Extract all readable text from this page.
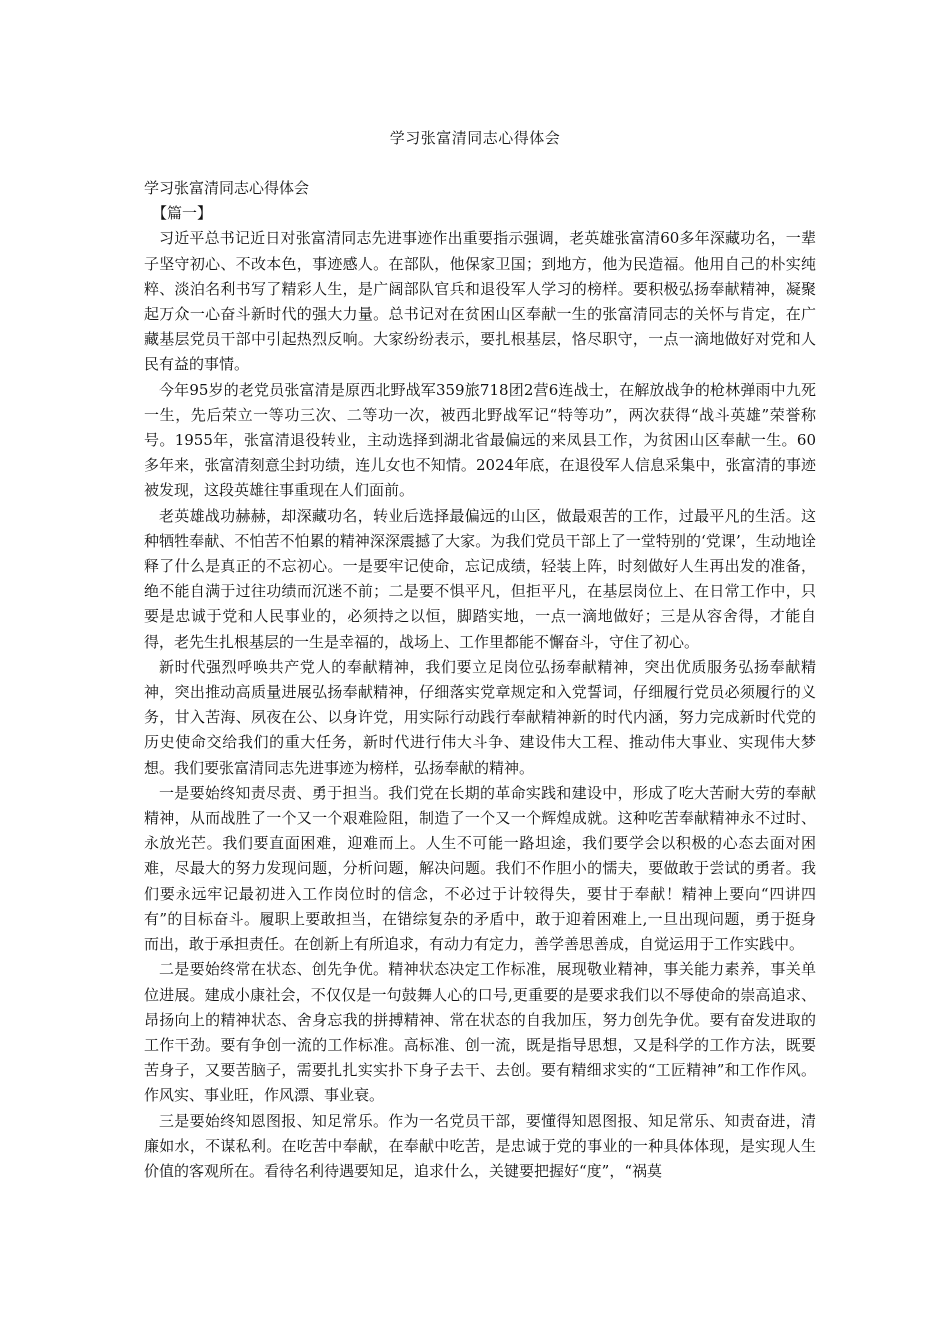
学习张富清同志心得体会

学习张富清同志心得体会

【篇一】

习近平总书记近日对张富清同志先进事迹作出重要指示强调，老英雄张富清60多年深藏功名，一辈子坚守初心、不改本色，事迹感人。在部队，他保家卫国；到地方，他为民造福。他用自己的朴实纯粹、淡泊名利书写了精彩人生，是广阔部队官兵和退役军人学习的榜样。要积极弘扬奉献精神，凝聚起万众一心奋斗新时代的强大力量。总书记对在贫困山区奉献一生的张富清同志的关怀与肯定，在广藏基层党员干部中引起热烈反响。大家纷纷表示，要扎根基层，恪尽职守，一点一滴地做好对党和人民有益的事情。

今年95岁的老党员张富清是原西北野战军359旅718团2营6连战士，在解放战争的枪林弹雨中九死一生，先后荣立一等功三次、二等功一次，被西北野战军记“特等功”，两次获得“战斗英雄”荣誉称号。1955年，张富清退役转业，主动选择到湖北省最偏远的来凤县工作，为贫困山区奉献一生。60多年来，张富清刻意尘封功绩，连儿女也不知情。2024年底，在退役军人信息采集中，张富清的事迹被发现，这段英雄往事重现在人们面前。

老英雄战功赫赫，却深藏功名，转业后选择最偏远的山区，做最艰苦的工作，过最平凡的生活。这种牺牲奉献、不怕苦不怕累的精神深深震撼了大家。为我们党员干部上了一堂特别的‘党课’，生动地诠释了什么是真正的不忘初心。一是要牢记使命，忘记成绩，轻装上阵，时刻做好人生再出发的准备，绝不能自满于过往功绩而沉迷不前；二是要不惧平凡，但拒平凡，在基层岗位上、在日常工作中，只要是忠诚于党和人民事业的，必须持之以恒，脚踏实地，一点一滴地做好；三是从容舍得，才能自得，老先生扎根基层的一生是幸福的，战场上、工作里都能不懈奋斗，守住了初心。

新时代强烈呼唤共产党人的奉献精神，我们要立足岗位弘扬奉献精神，突出优质服务弘扬奉献精神，突出推动高质量进展弘扬奉献精神，仔细落实党章规定和入党誓词，仔细履行党员必须履行的义务，甘入苦海、夙夜在公、以身许党，用实际行动践行奉献精神新的时代内涵，努力完成新时代党的历史使命交给我们的重大任务，新时代进行伟大斗争、建设伟大工程、推动伟大事业、实现伟大梦想。我们要张富清同志先进事迹为榜样，弘扬奉献的精神。

一是要始终知责尽责、勇于担当。我们党在长期的革命实践和建设中，形成了吃大苦耐大劳的奉献精神，从而战胜了一个又一个艰难险阻，制造了一个又一个辉煌成就。这种吃苦奉献精神永不过时、永放光芒。我们要直面困难，迎难而上。人生不可能一路坦途，我们要学会以积极的心态去面对困难，尽最大的努力发现问题，分析问题，解决问题。我们不作胆小的懦夫，要做敢于尝试的勇者。我们要永远牢记最初进入工作岗位时的信念，不必过于计较得失，要甘于奉献！精神上要向“四讲四有”的目标奋斗。履职上要敢担当，在错综复杂的矛盾中，敢于迎着困难上,一旦出现问题，勇于挺身而出，敢于承担责任。在创新上有所追求，有动力有定力，善学善思善成，自觉运用于工作实践中。

二是要始终常在状态、创先争优。精神状态决定工作标准，展现敬业精神，事关能力素养，事关单位进展。建成小康社会，不仅仅是一句鼓舞人心的口号,更重要的是要求我们以不辱使命的崇高追求、昂扬向上的精神状态、舍身忘我的拼搏精神、常在状态的自我加压，努力创先争优。要有奋发进取的工作干劲。要有争创一流的工作标准。高标准、创一流，既是指导思想，又是科学的工作方法，既要苦身子，又要苦脑子，需要扎扎实实扑下身子去干、去创。要有精细求实的“工匠精神”和工作作风。作风实、事业旺，作风漂、事业衰。

三是要始终知恩图报、知足常乐。作为一名党员干部，要懂得知恩图报、知足常乐、知责奋进，清廉如水，不谋私利。在吃苦中奉献，在奉献中吃苦，是忠诚于党的事业的一种具体体现，是实现人生价值的客观所在。看待名利待遇要知足，追求什么，关键要把握好“度”，“祸莫
